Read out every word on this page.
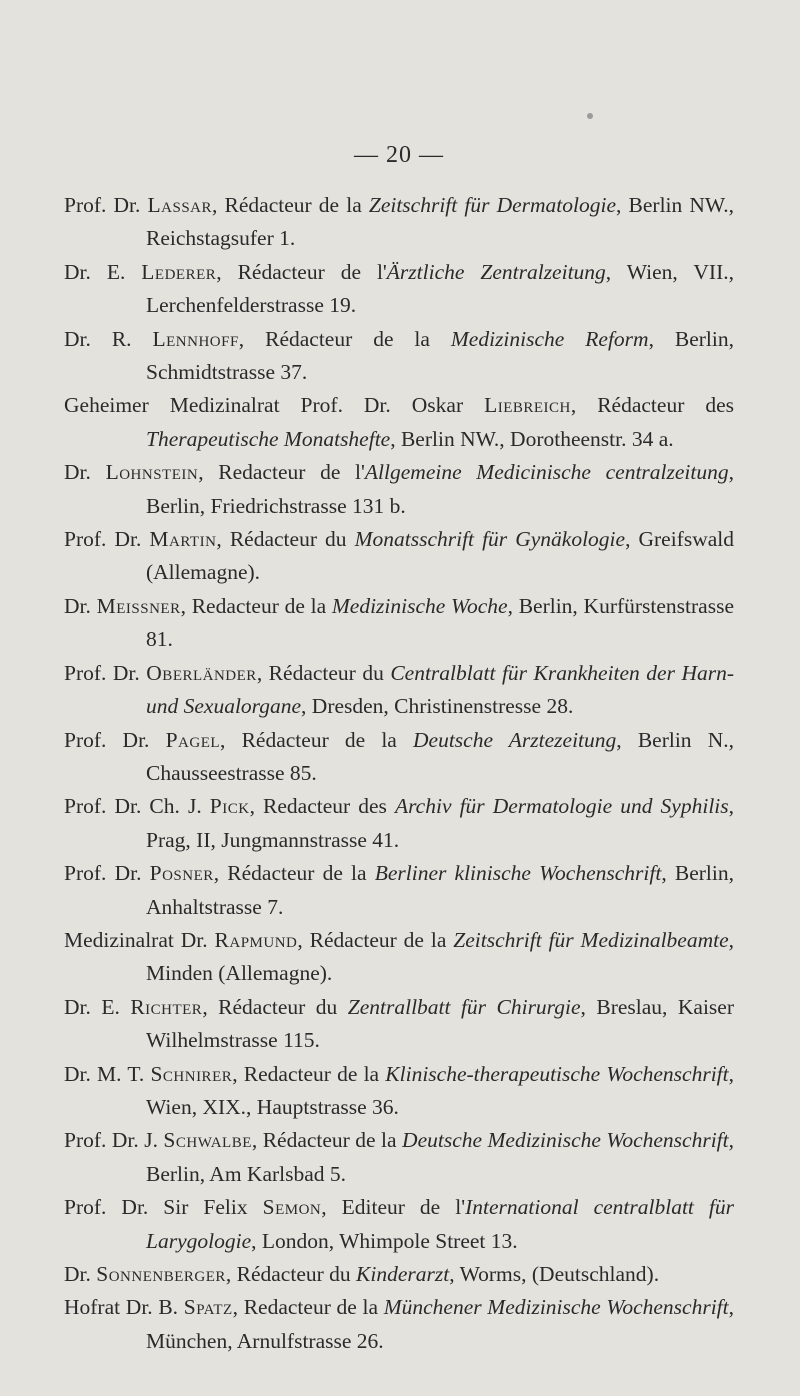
— 20 —
Prof. Dr. Lassar, Rédacteur de la Zeitschrift für Dermatologie, Berlin NW., Reichstagsufer 1.
Dr. E. Lederer, Rédacteur de l'Ärztliche Zentralzeitung, Wien, VII., Lerchenfelderstrasse 19.
Dr. R. Lennhoff, Rédacteur de la Medizinische Reform, Berlin, Schmidtstrasse 37.
Geheimer Medizinalrat Prof. Dr. Oskar Liebreich, Rédacteur des Therapeutische Monatshefte, Berlin NW., Dorotheenstr. 34 a.
Dr. Lohnstein, Redacteur de l'Allgemeine Medicinische centralzeitung, Berlin, Friedrichstrasse 131 b.
Prof. Dr. Martin, Rédacteur du Monatsschrift für Gynäkologie, Greifswald (Allemagne).
Dr. Meissner, Redacteur de la Medizinische Woche, Berlin, Kurfürstenstrasse 81.
Prof. Dr. Oberländer, Rédacteur du Centralblatt für Krankheiten der Harn-und Sexualorgane, Dresden, Christinenstresse 28.
Prof. Dr. Pagel, Rédacteur de la Deutsche Arztezeitung, Berlin N., Chausseestrasse 85.
Prof. Dr. Ch. J. Pick, Redacteur des Archiv für Dermatologie und Syphilis, Prag, II, Jungmannstrasse 41.
Prof. Dr. Posner, Rédacteur de la Berliner klinische Wochenschrift, Berlin, Anhaltstrasse 7.
Medizinalrat Dr. Rapmund, Rédacteur de la Zeitschrift für Medizinalbeamte, Minden (Allemagne).
Dr. E. Richter, Rédacteur du Zentrallbatt für Chirurgie, Breslau, Kaiser Wilhelmstrasse 115.
Dr. M. T. Schnirer, Redacteur de la Klinische-therapeutische Wochenschrift, Wien, XIX., Hauptstrasse 36.
Prof. Dr. J. Schwalbe, Rédacteur de la Deutsche Medizinische Wochenschrift, Berlin, Am Karlsbad 5.
Prof. Dr. Sir Felix Semon, Editeur de l'International centralblatt für Larygologie, London, Whimpole Street 13.
Dr. Sonnenberger, Rédacteur du Kinderarzt, Worms, (Deutschland).
Hofrat Dr. B. Spatz, Redacteur de la Münchener Medizinische Wochenschrift, München, Arnulfstrasse 26.
